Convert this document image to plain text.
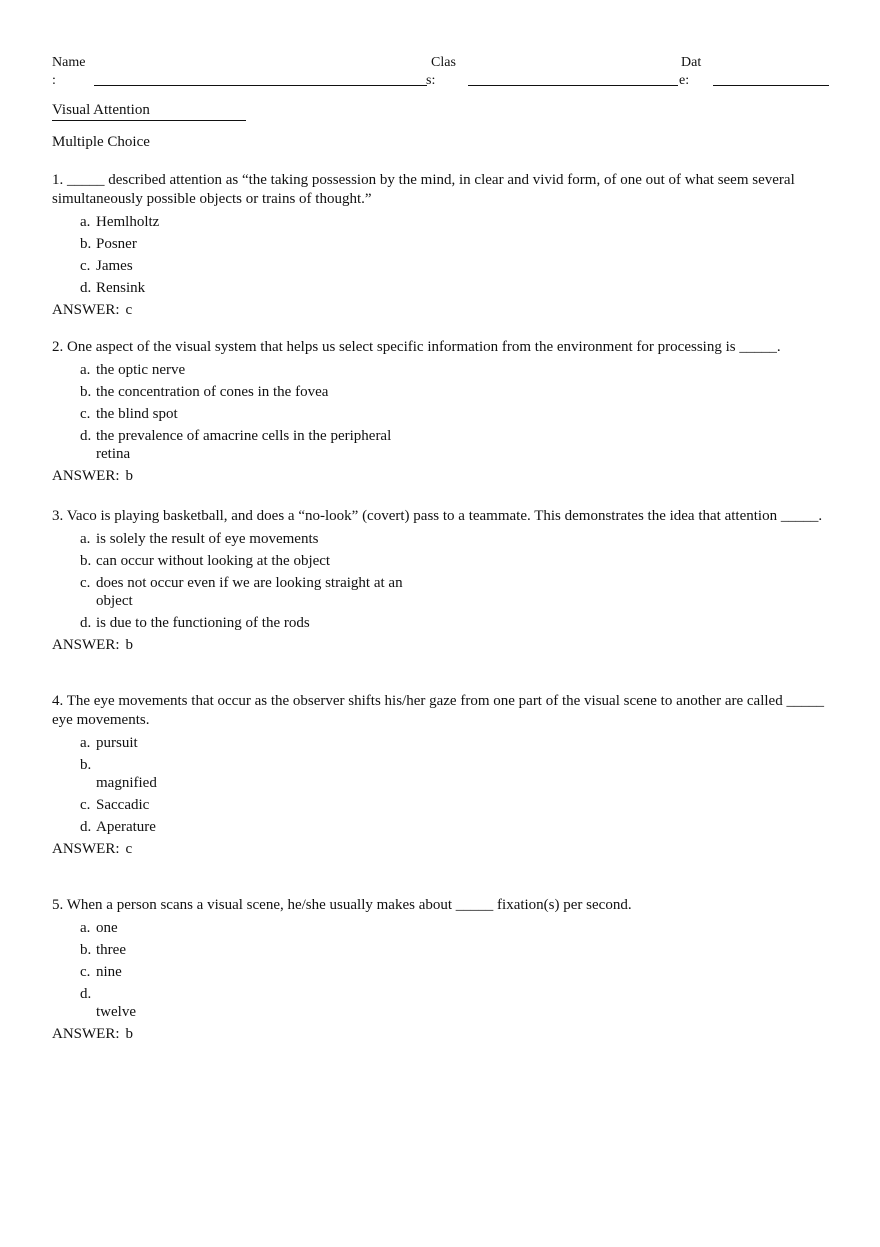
Name
:
Clas
s:
Dat
e:
Visual Attention
Multiple Choice

1. _____ described attention as “the taking possession by the mind, in clear and vivid form, of one out of what seem several simultaneously possible objects or trains of thought.”

a. Hemlholtz
b. Posner
c. James
d. Rensink
ANSWER: c

2. One aspect of the visual system that helps us select specific information from the environment for processing is _____.

a. the optic nerve
b. the concentration of cones in the fovea
c. the blind spot
d. the prevalence of amacrine cells in the peripheral retina
ANSWER: b

3. Vaco is playing basketball, and does a “no-look” (covert) pass to a teammate. This demonstrates the idea that attention _____.

a. is solely the result of eye movements
b. can occur without looking at the object
c. does not occur even if we are looking straight at an object
d. is due to the functioning of the rods
ANSWER: b

4. The eye movements that occur as the observer shifts his/her gaze from one part of the visual scene to another are called _____ eye movements.

a. pursuit
b.
magnified
c. Saccadic
d. Aperature
ANSWER: c

5. When a person scans a visual scene, he/she usually makes about _____ fixation(s) per second.

a. one
b. three
c. nine
d.
twelve
ANSWER: b
